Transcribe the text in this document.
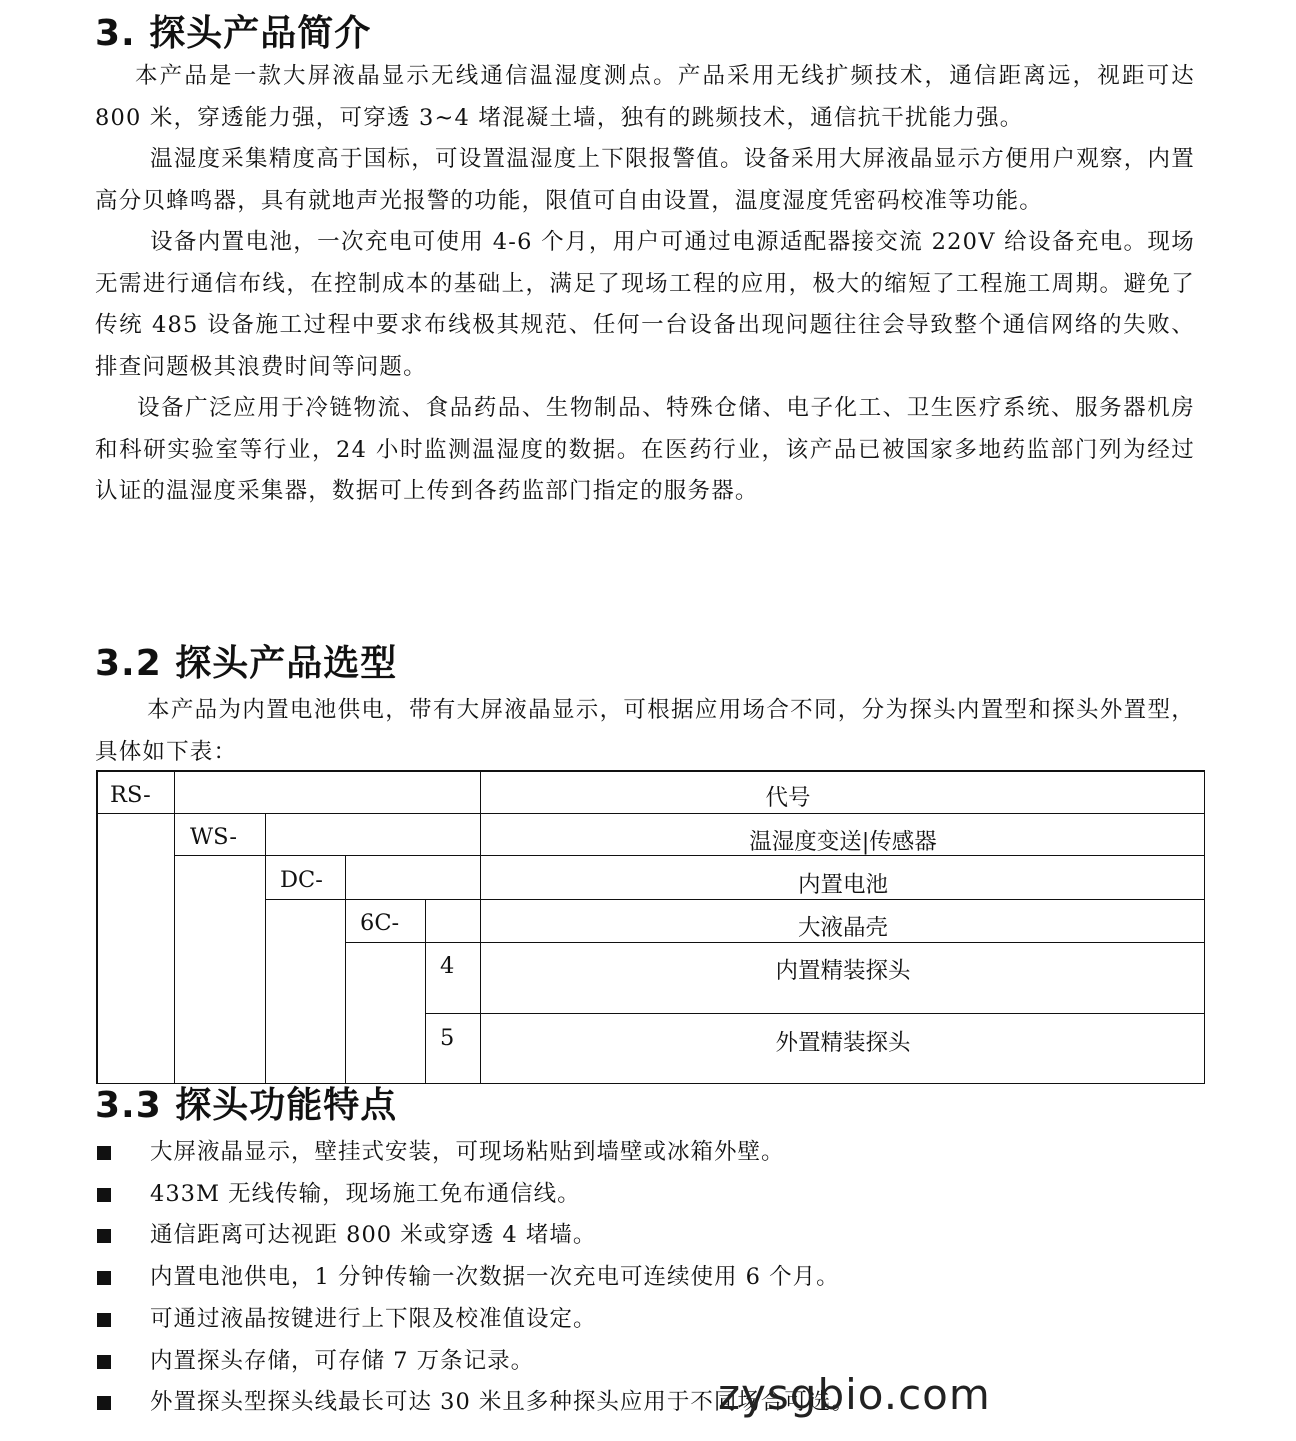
3. 探头产品简介

本产品是一款大屏液晶显示无线通信温湿度测点。产品采用无线扩频技术，通信距离远，视距可达 800 米，穿透能力强，可穿透 3~4 堵混凝土墙，独有的跳频技术，通信抗干扰能力强。

温湿度采集精度高于国标，可设置温湿度上下限报警值。设备采用大屏液晶显示方便用户观察，内置高分贝蜂鸣器，具有就地声光报警的功能，限值可自由设置，温度湿度凭密码校准等功能。

设备内置电池，一次充电可使用 4-6 个月，用户可通过电源适配器接交流 220V 给设备充电。现场无需进行通信布线，在控制成本的基础上，满足了现场工程的应用，极大的缩短了工程施工周期。避免了传统 485 设备施工过程中要求布线极其规范、任何一台设备出现问题往往会导致整个通信网络的失败、排查问题极其浪费时间等问题。

设备广泛应用于冷链物流、食品药品、生物制品、特殊仓储、电子化工、卫生医疗系统、服务器机房和科研实验室等行业，24 小时监测温湿度的数据。在医药行业，该产品已被国家多地药监部门列为经过认证的温湿度采集器，数据可上传到各药监部门指定的服务器。

3.2 探头产品选型

本产品为内置电池供电，带有大屏液晶显示，可根据应用场合不同，分为探头内置型和探头外置型，具体如下表：

3.3 探头功能特点
RS-
WS-
DC-
6C-
4
5
代号
温湿度变送|传感器
内置电池
大液晶壳
内置精装探头
外置精装探头
大屏液晶显示，壁挂式安装，可现场粘贴到墙壁或冰箱外壁。
433M 无线传输，现场施工免布通信线。
通信距离可达视距 800 米或穿透 4 堵墙。
内置电池供电，1 分钟传输一次数据一次充电可连续使用 6 个月。
可通过液晶按键进行上下限及校准值设定。
内置探头存储，可存储 7 万条记录。
外置探头型探头线最长可达 30 米且多种探头应用于不同场合可选。
zysgbio.com
